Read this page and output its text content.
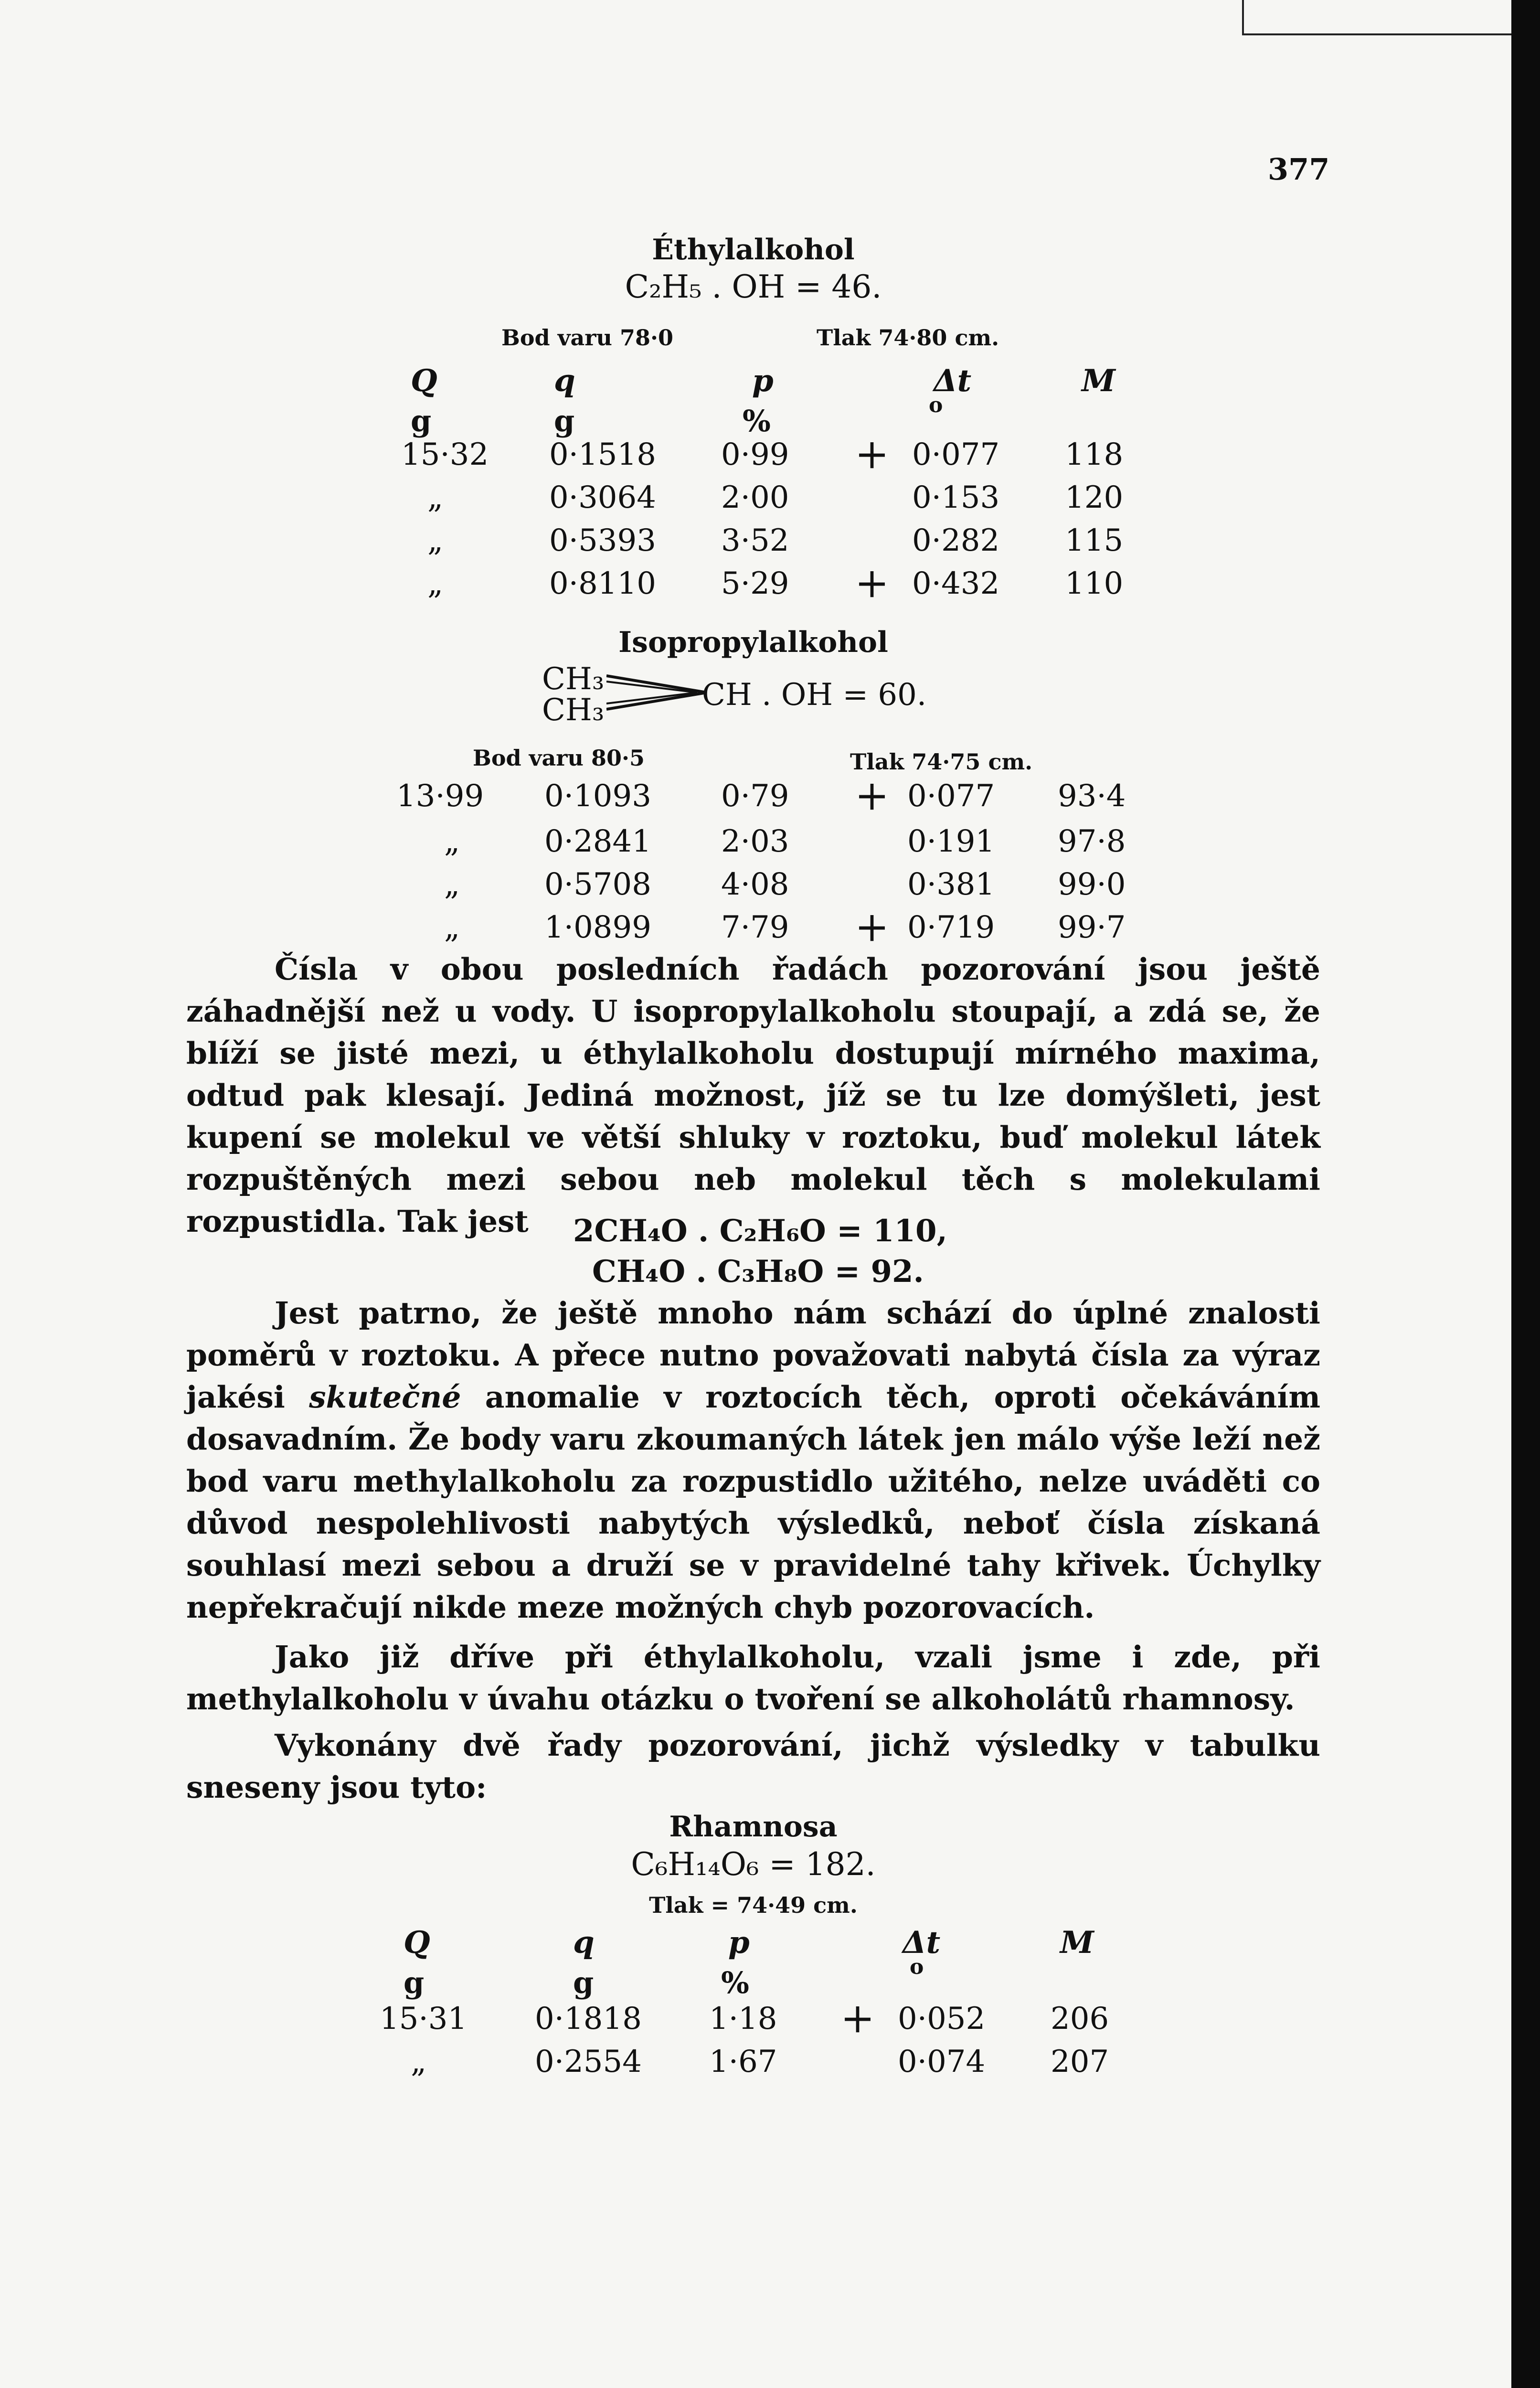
377
Éthylalkohol
C₂H₅ . OH = 46.
Bod varu 78·0	Tlak 74·80 cm.
Q	q	p	Δt	M
g	g	%	o
15·32 0·1518 0·99 + 0·077 118
„	0·3064 2·00	0·153 120
„	0·5393 3·52	0·282 115
„	0·8110 5·29 + 0·432 110
Isopropylalkohol
CH₃
CH₃	CH . OH = 60.
Bod varu 80·5	Tlak 74·75 cm.
13·99 0·1093 0·79 + 0·077 93·4
„	0·2841 2·03	0·191 97·8
„	0·5708 4·08	0·381 99·0
„	1·0899 7·79 + 0·719 99·7
Čísla v obou posledních řadách pozorování jsou ještě záhadnější než u vody. U isopropylalkoholu stoupají, a zdá se, že blíží se jisté mezi, u éthylalkoholu dostupují mírného maxima, odtud pak klesají. Jediná možnost, jíž se tu lze domýšleti, jest kupení se molekul ve větší shluky v roztoku, buď molekul látek rozpuštěných mezi sebou neb molekul těch s molekulami rozpustidla. Tak jest	2CH₄O . C₂H₆O = 110,
CH₄O . C₃H₈O = 92.
Jest patrno, že ještě mnoho nám schází do úplné znalosti poměrů v roztoku. A přece nutno považovati nabytá čísla za výraz jakési skutečné anomalie v roztocích těch, oproti očekáváním dosavadním. Že body varu zkoumaných látek jen málo výše leží než bod varu methylalkoholu za rozpustidlo užitého, nelze uváděti co důvod nespolehlivosti nabytých výsledků, neboť čísla získaná souhlasí mezi sebou a druží se v pravidelné tahy křivek. Úchylky nepřekračují nikde meze možných chyb pozorovacích.
Jako již dříve při éthylalkoholu, vzali jsme i zde, při methylalkoholu v úvahu otázku o tvoření se alkoholátů rhamnosy.
Vykonány dvě řady pozorování, jichž výsledky v tabulku sneseny jsou tyto:
Rhamnosa
C₆H₁₄O₆ = 182.
Tlak = 74·49 cm.
Q	q	p	Δt	M
g	g	%	o
15·31 0·1818 1·18 + 0·052 206
„	0·2554 1·67	0·074 207
